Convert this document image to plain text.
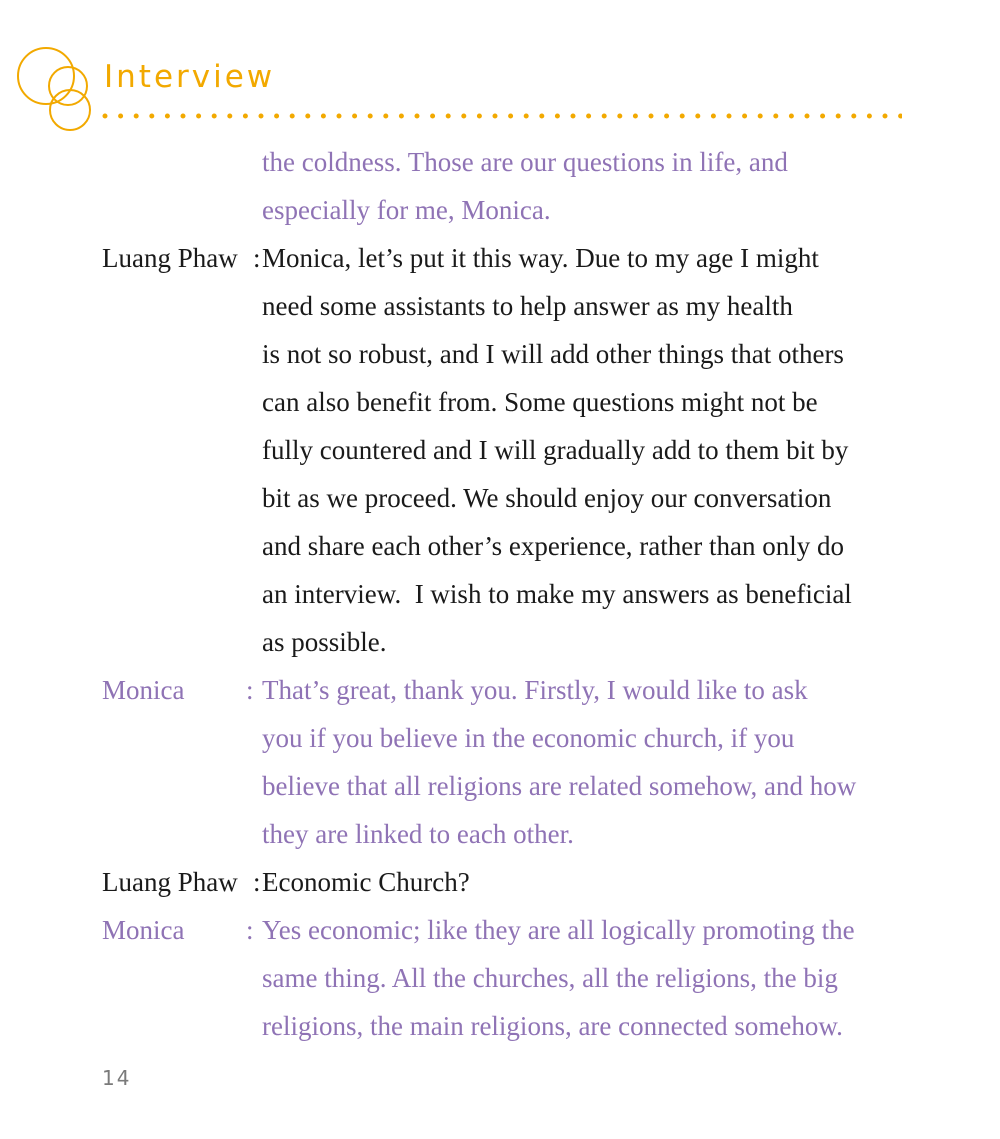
Interview
the coldness. Those are our questions in life, and
especially for me, Monica.
Luang Phaw : Monica, let’s put it this way. Due to my age I might
need some assistants to help answer as my health
is not so robust, and I will add other things that others
can also benefit from. Some questions might not be
fully countered and I will gradually add to them bit by
bit as we proceed. We should enjoy our conversation
and share each other’s experience, rather than only do
an interview.  I wish to make my answers as beneficial
as possible.
Monica : That’s great, thank you. Firstly, I would like to ask
you if you believe in the economic church, if you
believe that all religions are related somehow, and how
they are linked to each other.
Luang Phaw : Economic Church?
Monica : Yes economic; like they are all logically promoting the
same thing. All the churches, all the religions, the big
religions, the main religions, are connected somehow.
14
